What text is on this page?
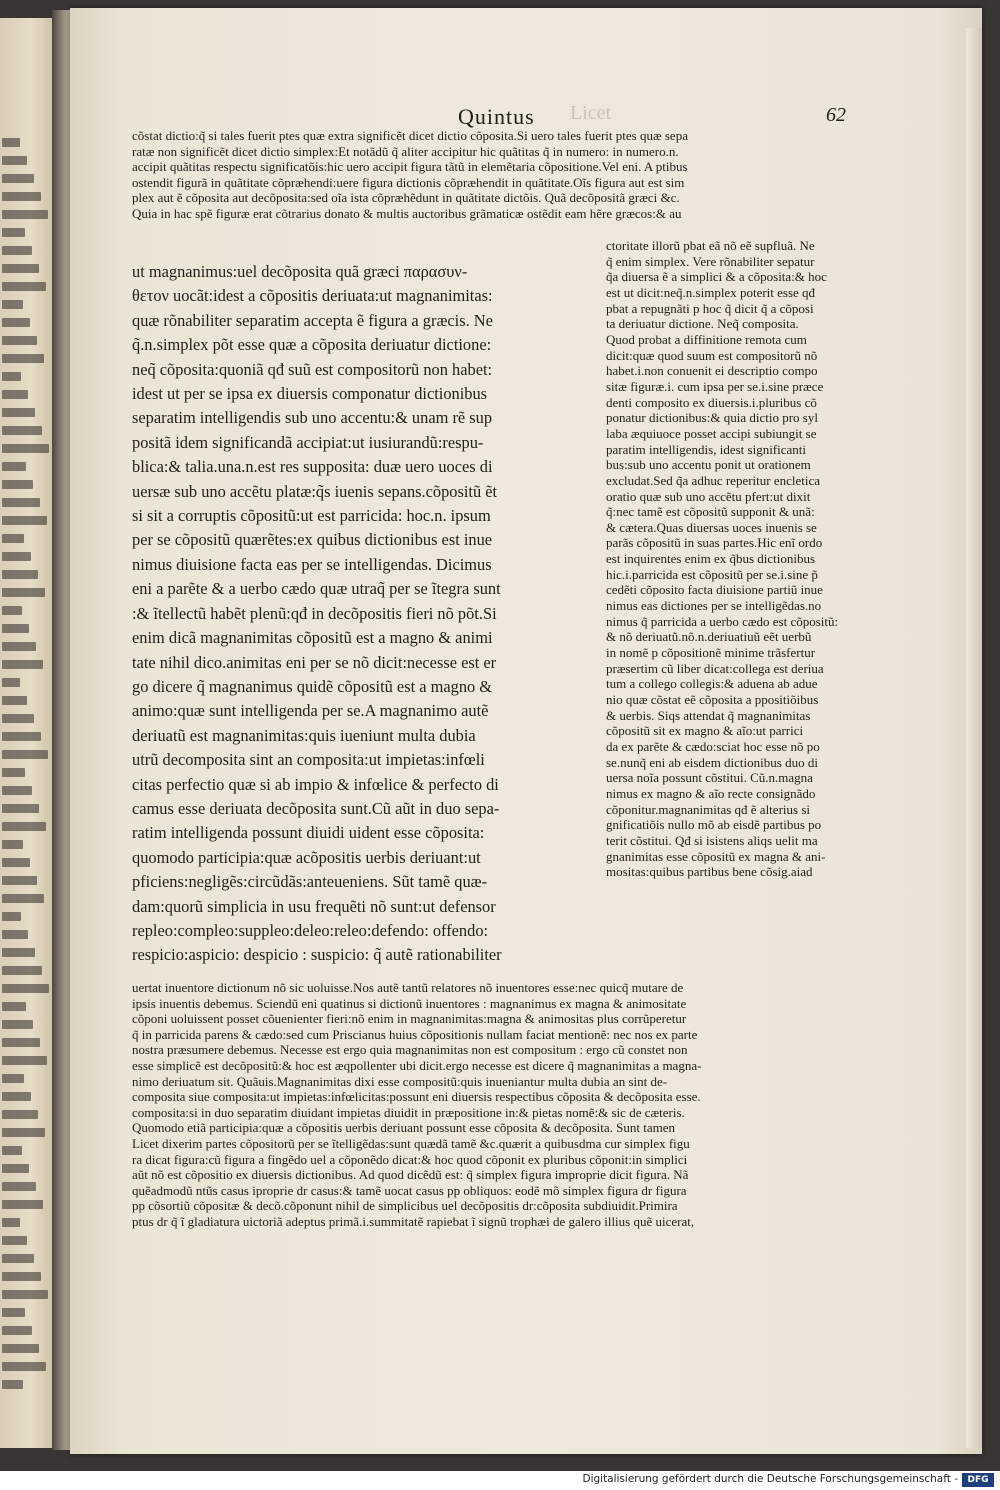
Licet
Quintus	62
cõstat dictio:q̃ si tales fuerit ptes quæ extra significẽt dicet dictio cõposita.Si uero tales fuerit ptes quæ sepa
ratæ non significẽt dicet dictio simplex:Et notãdũ q̃ aliter accipitur hic quãtitas q̃ in numero: in numero.n.
accipit quãtitas respectu significatõis:hic uero accipit figura tãtũ in elemẽtaria cõpositione.Vel eni. A ptibus
ostendit figurã in quãtitate cõpræhendi:uere figura dictionis cõpræhendit in quãtitate.Oĩs figura aut est sim
plex aut ẽ cõposita aut decõposita:sed oĩa ista cõpræhẽdunt in quãtitate dictõis. Quã decõpositã græci &c.
Quia in hac spẽ figuræ erat cõtrarius donato & multis auctoribus grãmaticæ ostẽdit eam hẽre græcos:& au
ut magnanimus:uel decõposita quã græci παρασυν-
θετον uocãt:idest a cõpositis deriuata:ut magnanimitas:
quæ rõnabiliter separatim accepta ẽ figura a græcis. Ne
q̃.n.simplex põt esse quæ a cõposita deriuatur dictione:
neq̃ cõposita:quoniã qđ suũ est compositorũ non habet:
idest ut per se ipsa ex diuersis componatur dictionibus
separatim intelligendis sub uno accentu:& unam rẽ sup
positã idem significandã accipiat:ut iusiurandũ:respu-
blica:& talia.una.n.est res supposita: duæ uero uoces di
uersæ sub uno accẽtu platæ:q̃s iuenis sepans.cõpositũ ẽt
si sit a corruptis cõpositũ:ut est parricida: hoc.n. ipsum
per se cõpositũ quærẽtes:ex quibus dictionibus est inue
nimus diuisione facta eas per se intelligendas. Dicimus
eni a parẽte & a uerbo cædo quæ utraq̃ per se ĩtegra sunt
:& ĩtellectũ habẽt plenũ:qđ in decõpositis fieri nõ põt.Si
enim dicã magnanimitas cõpositũ est a magno & animi
tate nihil dico.animitas eni per se nõ dicit:necesse est er
go dicere q̃ magnanimus quidẽ cõpositũ est a magno &
animo:quæ sunt intelligenda per se.A magnanimo autẽ
deriuatũ est magnanimitas:quis iueniunt multa dubia
utrũ decomposita sint an composita:ut impietas:infœli
citas perfectio quæ si ab impio & infœlice & perfecto di
camus esse deriuata decõposita sunt.Cũ aũt in duo sepa-
ratim intelligenda possunt diuidi uident esse cõposita:
quomodo participia:quæ acõpositis uerbis deriuant:ut
pficiens:negligẽs:circũdãs:anteueniens. Sũt tamẽ quæ-
dam:quorũ simplicia in usu frequẽti nõ sunt:ut defensor
repleo:compleo:suppleo:deleo:releo:defendo: offendo:
respicio:aspicio: despicio : suspicio: q̃ autẽ rationabiliter
ctoritate illorũ pbat eã nõ eẽ supfluã. Ne
q̃ enim simplex. Vere rõnabiliter sepatur
q̃a diuersa ẽ a simplici & a cõposita:& hoc
est ut dicit:neq̃.n.simplex poterit esse qđ
pbat a repugnãti p hoc q̃ dicit q̃ a cõposi
ta deriuatur dictione. Neq̃ composita.
Quod probat a diffinitione remota cum
dicit:quæ quod suum est compositorũ nõ
habet.i.non conuenit ei descriptio compo
sitæ figuræ.i. cum ipsa per se.i.sine præce
denti composito ex diuersis.i.pluribus cõ
ponatur dictionibus:& quia dictio pro syl
laba æquiuoce posset accipi subiungit se
paratim intelligendis, idest significanti
bus:sub uno accentu ponit ut orationem
excludat.Sed q̃a adhuc reperitur encletica
oratio quæ sub uno accẽtu pfert:ut dixit
q̃:nec tamẽ est cõpositũ supponit & unã:
& cætera.Quas diuersas uoces inuenis se
parãs cõpositũ in suas partes.Hic enĩ ordo
est inquirentes enim ex q̃bus dictionibus
hic.i.parricida est cõpositũ per se.i.sine p̃
cedẽti cõposito facta diuisione partiũ inue
nimus eas dictiones per se intelligẽdas.no
nimus q̃ parricida a uerbo cædo est cõpositũ:
& nõ deriuatũ.nõ.n.deriuatiuũ eẽt uerbũ
in nomẽ p cõpositionẽ minime trãsfertur
præsertim cũ liber dicat:collega est deriua
tum a collego collegis:& aduena ab adue
nio quæ cõstat eẽ cõposita a ppositiõibus
& uerbis. Siqs attendat q̃ magnanimitas
cõpositũ sit ex magno & aĩo:ut parrici
da ex parẽte & cædo:sciat hoc esse nõ po
se.nunq̃ eni ab eisdem dictionibus duo di
uersa noĩa possunt cõstitui. Cũ.n.magna
nimus ex magno & aĩo recte consignãdo
cõponitur.magnanimitas qđ ẽ alterius si
gnificatiõis nullo mõ ab eisdẽ partibus po
terit cõstitui. Qđ si isistens aliqs uelit ma
gnanimitas esse cõpositũ ex magna & ani-
mositas:quibus partibus bene cõsig.aiad
uertat inuentore dictionum nõ sic uoluisse.Nos autẽ tantũ relatores nõ inuentores esse:nec quicq̃ mutare de
ipsis inuentis debemus. Sciendũ eni quatinus si dictionũ inuentores : magnanimus ex magna & animositate
cõponi uoluissent posset cõuenienter fieri:nõ enim in magnanimitas:magna & animositas plus corrũperetur
q̃ in parricida parens & cædo:sed cum Priscianus huius cõpositionis nullam faciat mentionẽ: nec nos ex parte
nostra præsumere debemus. Necesse est ergo quia magnanimitas non est compositum : ergo cũ constet non
esse simplicẽ est decõpositũ:& hoc est æqpollenter ubi dicit.ergo necesse est dicere q̃ magnanimitas a magna-
nimo deriuatum sit. Quãuis.Magnanimitas dixi esse compositũ:quis inueniantur multa dubia an sint de-
composita siue composita:ut impietas:infœlicitas:possunt eni diuersis respectibus cõposita & decõposita esse.
composita:si in duo separatim diuidant impietas diuidit in præpositione in:& pietas nomẽ:& sic de cæteris.
Quomodo etiã participia:quæ a cõpositis uerbis deriuant possunt esse cõposita & decõposita. Sunt tamen
Licet dixerim partes cõpositorũ per se ĩtelligẽdas:sunt quædã tamẽ &c.quærit a quibusdma cur simplex figu
ra dicat figura:cũ figura a fingẽdo uel a cõponẽdo dicat:& hoc quod cõponit ex pluribus cõponit:in simplici
aũt nõ est cõpositio ex diuersis dictionibus. Ad quod dicẽdũ est: q̃ simplex figura improprie dicit figura. Nã
quẽadmodũ ntũs casus iproprie dr casus:& tamẽ uocat casus pp obliquos: eodẽ mõ simplex figura dr figura
pp cõsortiũ cõpositæ & decõ.cõponunt nihil de simplicibus uel decõpositis dr:cõposita subdiuidit.Primira
ptus dr q̃ ĩ gladiatura uictoriã adeptus primã.i.summitatẽ rapiebat ĩ signũ trophæi de galero illius quẽ uicerat,
Digitalisierung gefördert durch die Deutsche Forschungsgemeinschaft -	DFG
